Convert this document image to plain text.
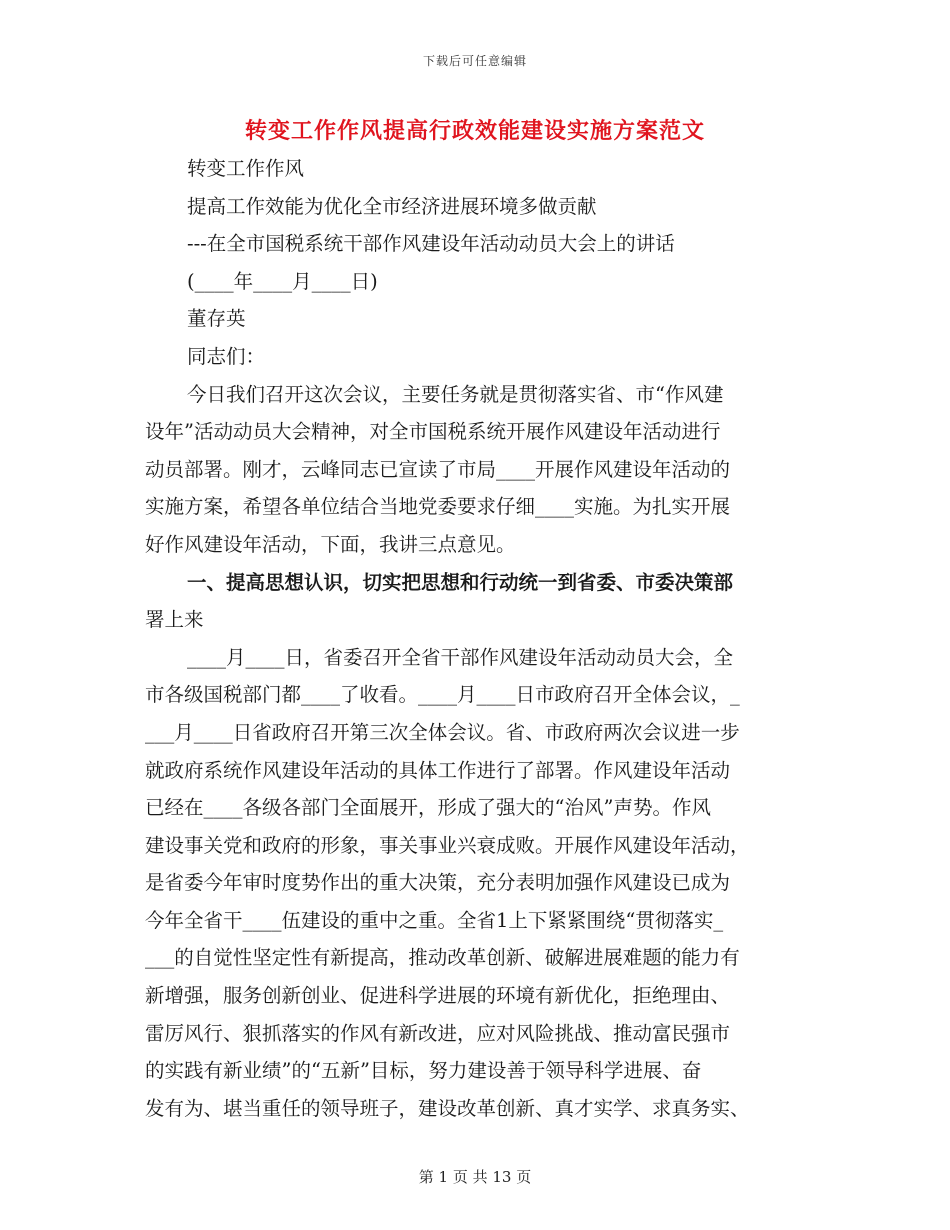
下载后可任意编辑
转变工作作风提高行政效能建设实施方案范文
转变工作作风
提高工作效能为优化全市经济进展环境多做贡献
---在全市国税系统干部作风建设年活动动员大会上的讲话
(____年____月____日)
董存英
同志们：
今日我们召开这次会议，主要任务就是贯彻落实省、市“作风建
设年”活动动员大会精神，对全市国税系统开展作风建设年活动进行
动员部署。刚才，云峰同志已宣读了市局____开展作风建设年活动的
实施方案，希望各单位结合当地党委要求仔细____实施。为扎实开展
好作风建设年活动，下面，我讲三点意见。
一、提高思想认识，切实把思想和行动统一到省委、市委决策部
署上来
____月____日，省委召开全省干部作风建设年活动动员大会，全
市各级国税部门都____了收看。____月____日市政府召开全体会议，_
___月____日省政府召开第三次全体会议。省、市政府两次会议进一步
就政府系统作风建设年活动的具体工作进行了部署。作风建设年活动
已经在____各级各部门全面展开，形成了强大的“治风”声势。作风
建设事关党和政府的形象，事关事业兴衰成败。开展作风建设年活动，
是省委今年审时度势作出的重大决策，充分表明加强作风建设已成为
今年全省干____伍建设的重中之重。全省1上下紧紧围绕“贯彻落实_
___的自觉性坚定性有新提高，推动改革创新、破解进展难题的能力有
新增强，服务创新创业、促进科学进展的环境有新优化，拒绝理由、
雷厉风行、狠抓落实的作风有新改进，应对风险挑战、推动富民强市
的实践有新业绩”的“五新”目标，努力建设善于领导科学进展、奋
发有为、堪当重任的领导班子，建设改革创新、真才实学、求真务实、
第 1 页 共 13 页
